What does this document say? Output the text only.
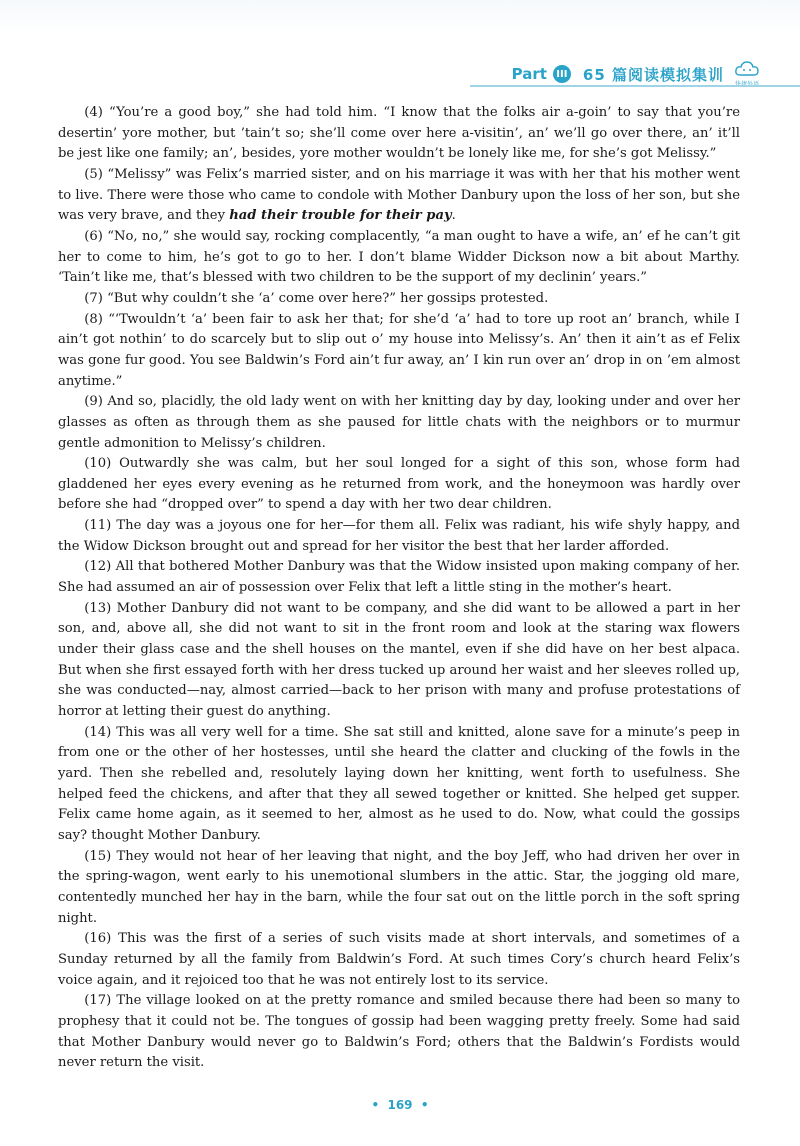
Part III 65 篇阅读模拟集训

(4) “You’re a good boy,” she had told him. “I know that the folks air a-goin’ to say that you’re desertin’ yore mother, but ’tain’t so; she’ll come over here a-visitin’, an’ we’ll go over there, an’ it’ll be jest like one family; an’, besides, yore mother wouldn’t be lonely like me, for she’s got Melissy.”

(5) “Melissy” was Felix’s married sister, and on his marriage it was with her that his mother went to live. There were those who came to condole with Mother Danbury upon the loss of her son, but she was very brave, and they had their trouble for their pay.

(6) “No, no,” she would say, rocking complacently, “a man ought to have a wife, an’ ef he can’t git her to come to him, he’s got to go to her. I don’t blame Widder Dickson now a bit about Marthy. ‘Tain’t like me, that’s blessed with two children to be the support of my declinin’ years.”

(7) “But why couldn’t she ‘a’ come over here?” her gossips protested.

(8) “‘Twouldn’t ‘a’ been fair to ask her that; for she’d ‘a’ had to tore up root an’ branch, while I ain’t got nothin’ to do scarcely but to slip out o’ my house into Melissy’s. An’ then it ain’t as ef Felix was gone fur good. You see Baldwin’s Ford ain’t fur away, an’ I kin run over an’ drop in on ’em almost anytime.”

(9) And so, placidly, the old lady went on with her knitting day by day, looking under and over her glasses as often as through them as she paused for little chats with the neighbors or to murmur gentle admonition to Melissy’s children.

(10) Outwardly she was calm, but her soul longed for a sight of this son, whose form had gladdened her eyes every evening as he returned from work, and the honeymoon was hardly over before she had “dropped over” to spend a day with her two dear children.

(11) The day was a joyous one for her—for them all. Felix was radiant, his wife shyly happy, and the Widow Dickson brought out and spread for her visitor the best that her larder afforded.

(12) All that bothered Mother Danbury was that the Widow insisted upon making company of her. She had assumed an air of possession over Felix that left a little sting in the mother’s heart.

(13) Mother Danbury did not want to be company, and she did want to be allowed a part in her son, and, above all, she did not want to sit in the front room and look at the staring wax flowers under their glass case and the shell houses on the mantel, even if she did have on her best alpaca. But when she first essayed forth with her dress tucked up around her waist and her sleeves rolled up, she was conducted—nay, almost carried—back to her prison with many and profuse protestations of horror at letting their guest do anything.

(14) This was all very well for a time. She sat still and knitted, alone save for a minute’s peep in from one or the other of her hostesses, until she heard the clatter and clucking of the fowls in the yard. Then she rebelled and, resolutely laying down her knitting, went forth to usefulness. She helped feed the chickens, and after that they all sewed together or knitted. She helped get supper. Felix came home again, as it seemed to her, almost as he used to do. Now, what could the gossips say? thought Mother Danbury.

(15) They would not hear of her leaving that night, and the boy Jeff, who had driven her over in the spring-wagon, went early to his unemotional slumbers in the attic. Star, the jogging old mare, contentedly munched her hay in the barn, while the four sat out on the little porch in the soft spring night.

(16) This was the first of a series of such visits made at short intervals, and sometimes of a Sunday returned by all the family from Baldwin’s Ford. At such times Cory’s church heard Felix’s voice again, and it rejoiced too that he was not entirely lost to its service.

(17) The village looked on at the pretty romance and smiled because there had been so many to prophesy that it could not be. The tongues of gossip had been wagging pretty freely. Some had said that Mother Danbury would never go to Baldwin’s Ford; others that the Baldwin’s Fordists would never return the visit.

•  169  •
